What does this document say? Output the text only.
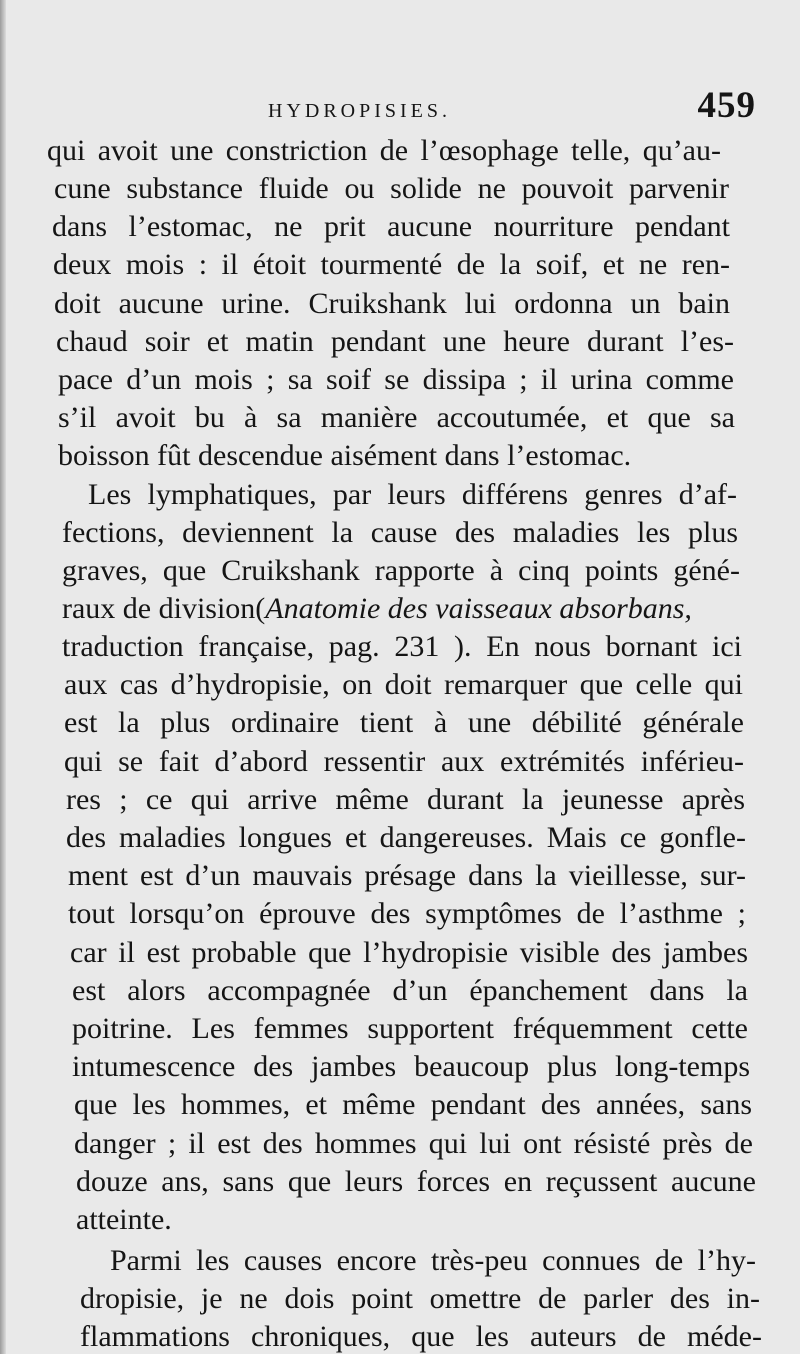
HYDROPISIES.	459
qui avoit une constriction de l’œsophage telle, qu’au-
cune substance fluide ou solide ne pouvoit parvenir
dans l’estomac, ne prit aucune nourriture pendant
deux mois : il étoit tourmenté de la soif, et ne ren-
doit aucune urine. Cruikshank lui ordonna un bain
chaud soir et matin pendant une heure durant l’es-
pace d’un mois ; sa soif se dissipa ; il urina comme
s’il avoit bu à sa manière accoutumée, et que sa
boisson fût descendue aisément dans l’estomac.
Les lymphatiques, par leurs différens genres d’af-
fections, deviennent la cause des maladies les plus
graves, que Cruikshank rapporte à cinq points géné-
raux de division(Anatomie des vaisseaux absorbans,
traduction française, pag. 231 ). En nous bornant ici
aux cas d’hydropisie, on doit remarquer que celle qui
est la plus ordinaire tient à une débilité générale
qui se fait d’abord ressentir aux extrémités inférieu-
res ; ce qui arrive même durant la jeunesse après
des maladies longues et dangereuses. Mais ce gonfle-
ment est d’un mauvais présage dans la vieillesse, sur-
tout lorsqu’on éprouve des symptômes de l’asthme ;
car il est probable que l’hydropisie visible des jambes
est alors accompagnée d’un épanchement dans la
poitrine. Les femmes supportent fréquemment cette
intumescence des jambes beaucoup plus long-temps
que les hommes, et même pendant des années, sans
danger ; il est des hommes qui lui ont résisté près de
douze ans, sans que leurs forces en reçussent aucune
atteinte.
Parmi les causes encore très-peu connues de l’hy-
dropisie, je ne dois point omettre de parler des in-
flammations chroniques, que les auteurs de méde-
